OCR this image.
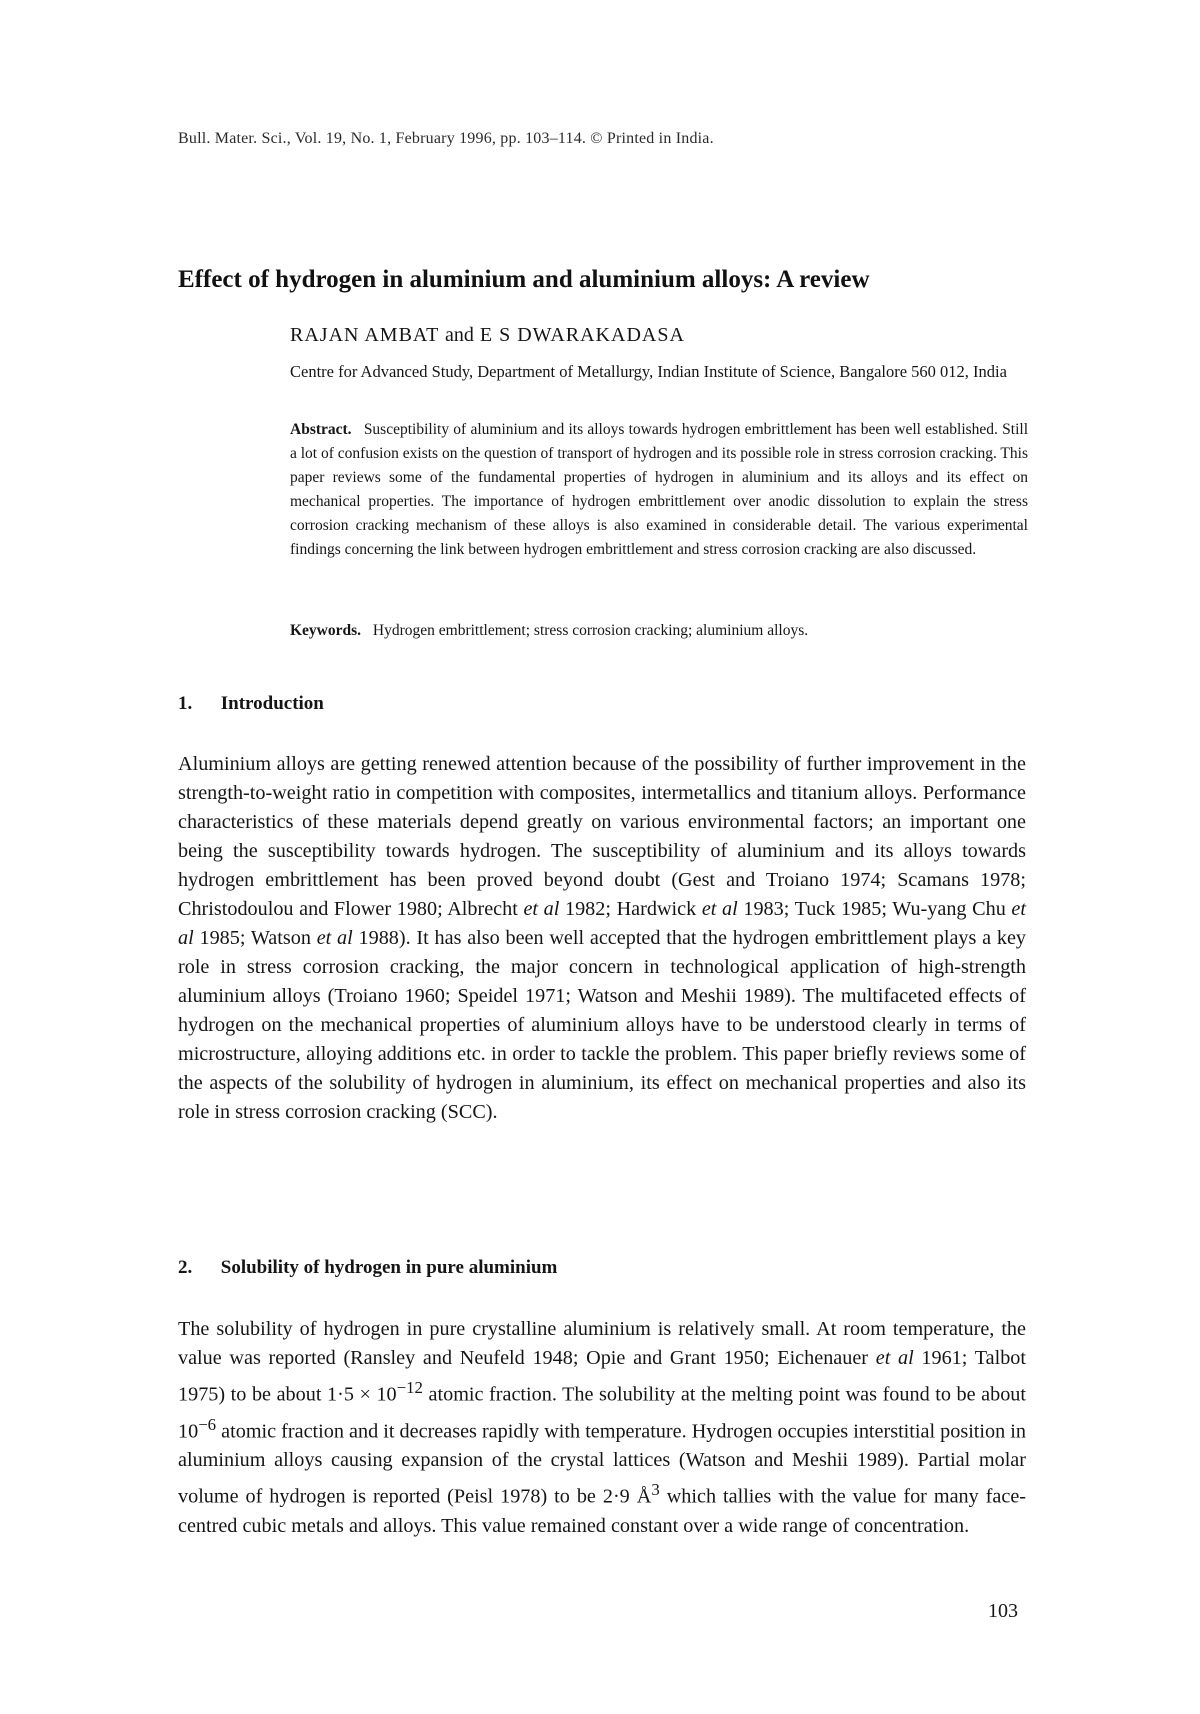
Bull. Mater. Sci., Vol. 19, No. 1, February 1996, pp. 103–114. © Printed in India.
Effect of hydrogen in aluminium and aluminium alloys: A review
RAJAN AMBAT and E S DWARAKADASA
Centre for Advanced Study, Department of Metallurgy, Indian Institute of Science, Bangalore 560 012, India
Abstract. Susceptibility of aluminium and its alloys towards hydrogen embrittlement has been well established. Still a lot of confusion exists on the question of transport of hydrogen and its possible role in stress corrosion cracking. This paper reviews some of the fundamental properties of hydrogen in aluminium and its alloys and its effect on mechanical properties. The importance of hydrogen embrittlement over anodic dissolution to explain the stress corrosion cracking mechanism of these alloys is also examined in considerable detail. The various experimental findings concerning the link between hydrogen embrittlement and stress corrosion cracking are also discussed.
Keywords. Hydrogen embrittlement; stress corrosion cracking; aluminium alloys.
1. Introduction

Aluminium alloys are getting renewed attention because of the possibility of further improvement in the strength-to-weight ratio in competition with composites, intermetallics and titanium alloys. Performance characteristics of these materials depend greatly on various environmental factors; an important one being the susceptibility towards hydrogen. The susceptibility of aluminium and its alloys towards hydrogen embrittlement has been proved beyond doubt (Gest and Troiano 1974; Scamans 1978; Christodoulou and Flower 1980; Albrecht et al 1982; Hardwick et al 1983; Tuck 1985; Wu-yang Chu et al 1985; Watson et al 1988). It has also been well accepted that the hydrogen embrittlement plays a key role in stress corrosion cracking, the major concern in technological application of high-strength aluminium alloys (Troiano 1960; Speidel 1971; Watson and Meshii 1989). The multifaceted effects of hydrogen on the mechanical properties of aluminium alloys have to be understood clearly in terms of microstructure, alloying additions etc. in order to tackle the problem. This paper briefly reviews some of the aspects of the solubility of hydrogen in aluminium, its effect on mechanical properties and also its role in stress corrosion cracking (SCC).

2. Solubility of hydrogen in pure aluminium

The solubility of hydrogen in pure crystalline aluminium is relatively small. At room temperature, the value was reported (Ransley and Neufeld 1948; Opie and Grant 1950; Eichenauer et al 1961; Talbot 1975) to be about $1\cdot 5 \times 10^{-12}$ atomic fraction. The solubility at the melting point was found to be about $10^{-6}$ atomic fraction and it decreases rapidly with temperature. Hydrogen occupies interstitial position in aluminium alloys causing expansion of the crystal lattices (Watson and Meshii 1989). Partial molar volume of hydrogen is reported (Peisl 1978) to be 2·9 $Å^3$ which tallies with the value for many face-centred cubic metals and alloys. This value remained constant over a wide range of concentration.

103
